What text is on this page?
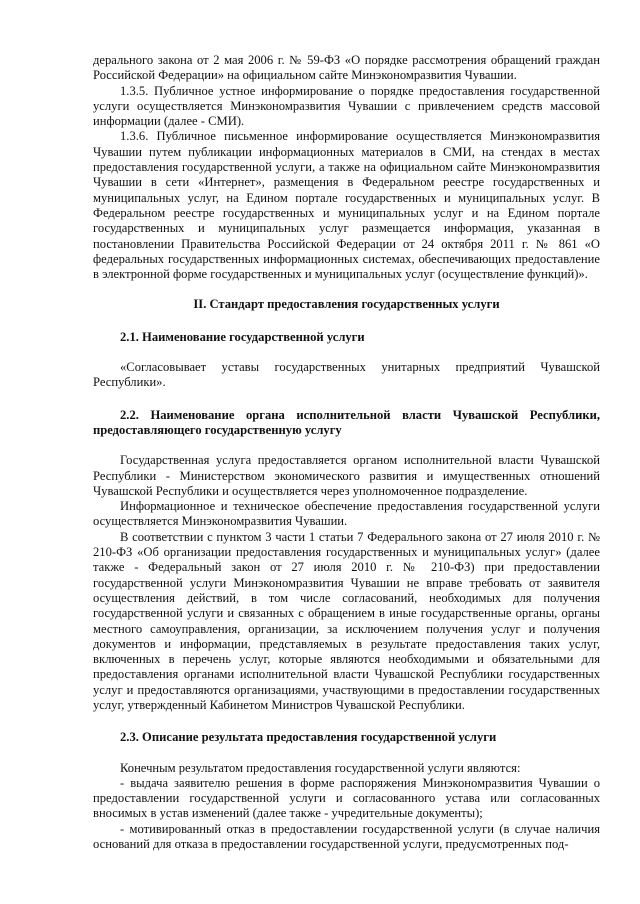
дерального закона от 2 мая 2006 г. № 59-ФЗ «О порядке рассмотрения обращений граждан Российской Федерации» на официальном сайте Минэкономразвития Чувашии.

1.3.5. Публичное устное информирование о порядке предоставления государственной услуги осуществляется Минэкономразвития Чувашии с привлечением средств массовой информации (далее - СМИ).

1.3.6. Публичное письменное информирование осуществляется Минэкономразвития Чувашии путем публикации информационных материалов в СМИ, на стендах в местах предоставления государственной услуги, а также на официальном сайте Минэкономразвития Чувашии в сети «Интернет», размещения в Федеральном реестре государственных и муниципальных услуг, на Едином портале государственных и муниципальных услуг. В Федеральном реестре государственных и муниципальных услуг и на Едином портале государственных и муниципальных услуг размещается информация, указанная в постановлении Правительства Российской Федерации от 24 октября 2011 г. № 861 «О федеральных государственных информационных системах, обеспечивающих предоставление в электронной форме государственных и муниципальных услуг (осуществление функций)».

II. Стандарт предоставления государственных услуги
2.1. Наименование государственной услуги

«Согласовывает уставы государственных унитарных предприятий Чувашской Республики».

2.2. Наименование органа исполнительной власти Чувашской Республики, предоставляющего государственную услугу

Государственная услуга предоставляется органом исполнительной власти Чувашской Республики - Министерством экономического развития и имущественных отношений Чувашской Республики и осуществляется через уполномоченное подразделение.

Информационное и техническое обеспечение предоставления государственной услуги осуществляется Минэкономразвития Чувашии.

В соответствии с пунктом 3 части 1 статьи 7 Федерального закона от 27 июля 2010 г. № 210-ФЗ «Об организации предоставления государственных и муниципальных услуг» (далее также - Федеральный закон от 27 июля 2010 г. № 210-ФЗ) при предоставлении государственной услуги Минэкономразвития Чувашии не вправе требовать от заявителя осуществления действий, в том числе согласований, необходимых для получения государственной услуги и связанных с обращением в иные государственные органы, органы местного самоуправления, организации, за исключением получения услуг и получения документов и информации, представляемых в результате предоставления таких услуг, включенных в перечень услуг, которые являются необходимыми и обязательными для предоставления органами исполнительной власти Чувашской Республики государственных услуг и предоставляются организациями, участвующими в предоставлении государственных услуг, утвержденный Кабинетом Министров Чувашской Республики.

2.3. Описание результата предоставления государственной услуги

Конечным результатом предоставления государственной услуги являются:

- выдача заявителю решения в форме распоряжения Минэкономразвития Чувашии о предоставлении государственной услуги и согласованного устава или согласованных вносимых в устав изменений (далее также - учредительные документы);

- мотивированный отказ в предоставлении государственной услуги (в случае наличия оснований для отказа в предоставлении государственной услуги, предусмотренных под-
